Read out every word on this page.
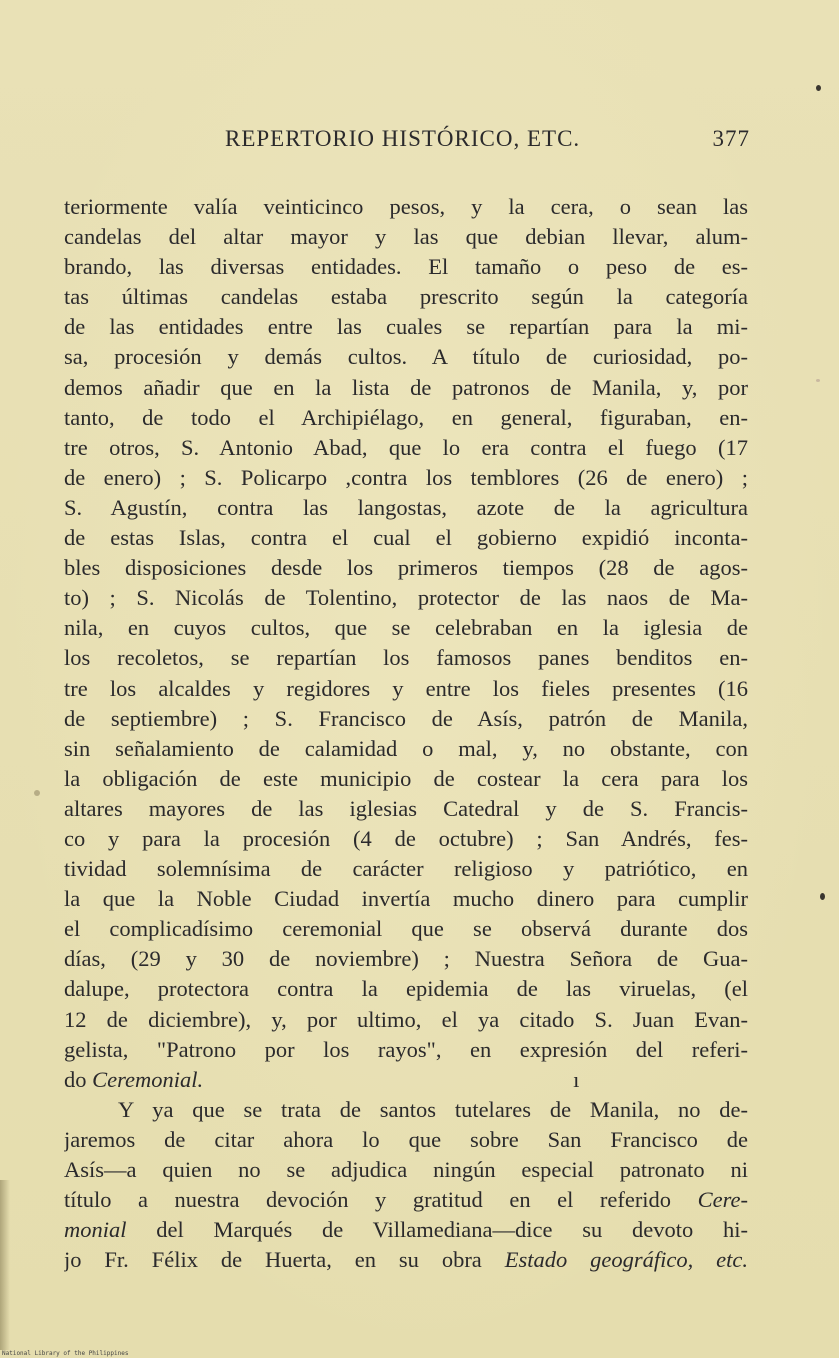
REPERTORIO HISTÓRICO, ETC.	377
teriormente valía veinticinco pesos, y la cera, o sean las
candelas del altar mayor y las que debian llevar, alum-
brando, las diversas entidades. El tamaño o peso de es-
tas últimas candelas estaba prescrito según la categoría
de las entidades entre las cuales se repartían para la mi-
sa, procesión y demás cultos. A título de curiosidad, po-
demos añadir que en la lista de patronos de Manila, y, por
tanto, de todo el Archipiélago, en general, figuraban, en-
tre otros, S. Antonio Abad, que lo era contra el fuego (17
de enero) ; S. Policarpo ,contra los temblores (26 de enero) ;
S. Agustín, contra las langostas, azote de la agricultura
de estas Islas, contra el cual el gobierno expidió inconta-
bles disposiciones desde los primeros tiempos (28 de agos-
to) ; S. Nicolás de Tolentino, protector de las naos de Ma-
nila, en cuyos cultos, que se celebraban en la iglesia de
los recoletos, se repartían los famosos panes benditos en-
tre los alcaldes y regidores y entre los fieles presentes (16
de septiembre) ; S. Francisco de Asís, patrón de Manila,
sin señalamiento de calamidad o mal, y, no obstante, con
la obligación de este municipio de costear la cera para los
altares mayores de las iglesias Catedral y de S. Francis-
co y para la procesión (4 de octubre) ; San Andrés, fes-
tividad solemnísima de carácter religioso y patriótico, en
la que la Noble Ciudad invertía mucho dinero para cumplir
el complicadísimo ceremonial que se observá durante dos
días, (29 y 30 de noviembre) ; Nuestra Señora de Gua-
dalupe, protectora contra la epidemia de las viruelas, (el
12 de diciembre), y, por ultimo, el ya citado S. Juan Evan-
gelista, "Patrono por los rayos", en expresión del referi-
do Ceremonial.	ı
Y ya que se trata de santos tutelares de Manila, no de-
jaremos de citar ahora lo que sobre San Francisco de
Asís—a quien no se adjudica ningún especial patronato ni
título a nuestra devoción y gratitud en el referido Cere-
monial del Marqués de Villamediana—dice su devoto hi-
jo Fr. Félix de Huerta, en su obra Estado geográfico, etc.
National Library of the Philippines
